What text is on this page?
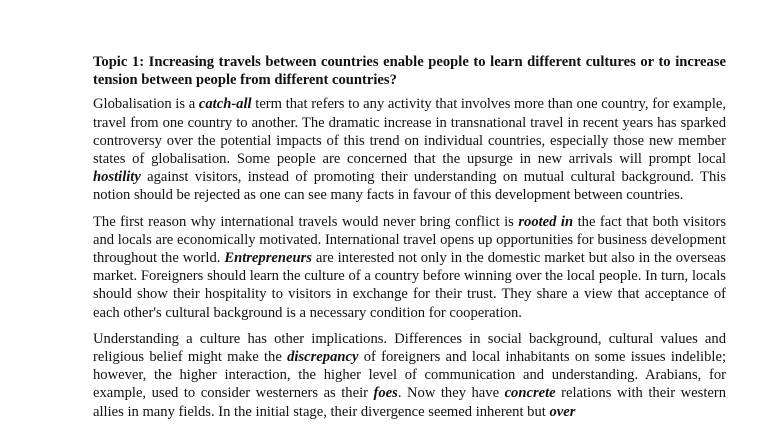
Topic 1: Increasing travels between countries enable people to learn different cultures or to increase tension between people from different countries?

Globalisation is a catch-all term that refers to any activity that involves more than one country, for example, travel from one country to another. The dramatic increase in transnational travel in recent years has sparked controversy over the potential impacts of this trend on individual countries, especially those new member states of globalisation. Some people are concerned that the upsurge in new arrivals will prompt local hostility against visitors, instead of promoting their understanding on mutual cultural background. This notion should be rejected as one can see many facts in favour of this development between countries.

The first reason why international travels would never bring conflict is rooted in the fact that both visitors and locals are economically motivated. International travel opens up opportunities for business development throughout the world. Entrepreneurs are interested not only in the domestic market but also in the overseas market. Foreigners should learn the culture of a country before winning over the local people. In turn, locals should show their hospitality to visitors in exchange for their trust. They share a view that acceptance of each other's cultural background is a necessary condition for cooperation.

Understanding a culture has other implications. Differences in social background, cultural values and religious belief might make the discrepancy of foreigners and local inhabitants on some issues indelible; however, the higher interaction, the higher level of communication and understanding. Arabians, for example, used to consider westerners as their foes. Now they have concrete relations with their western allies in many fields. In the initial stage, their divergence seemed inherent but over
